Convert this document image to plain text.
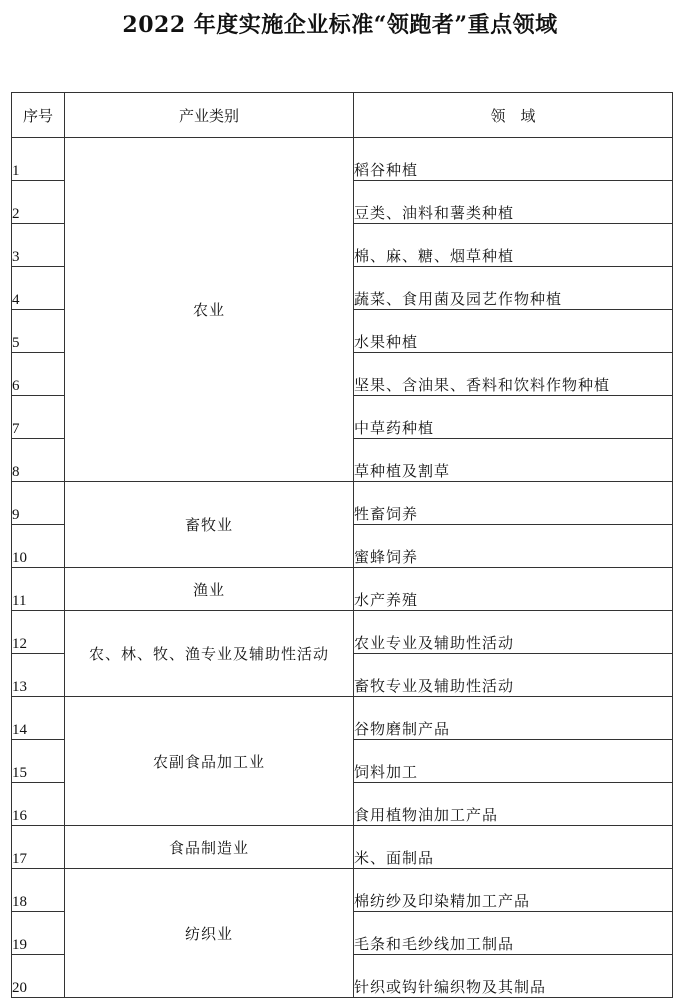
2022 年度实施企业标准“领跑者”重点领域
序号	产业类别	领　域
1	农业	稻谷种植
2		豆类、油料和薯类种植
3		棉、麻、糖、烟草种植
4		蔬菜、食用菌及园艺作物种植
5		水果种植
6		坚果、含油果、香料和饮料作物种植
7		中草药种植
8		草种植及割草
9	畜牧业	牲畜饲养
10		蜜蜂饲养
11	渔业	水产养殖
12	农、林、牧、渔专业及辅助性活动	农业专业及辅助性活动
13		畜牧专业及辅助性活动
14	农副食品加工业	谷物磨制产品
15		饲料加工
16		食用植物油加工产品
17	食品制造业	米、面制品
18	纺织业	棉纺纱及印染精加工产品
19		毛条和毛纱线加工制品
20		针织或钩针编织物及其制品
